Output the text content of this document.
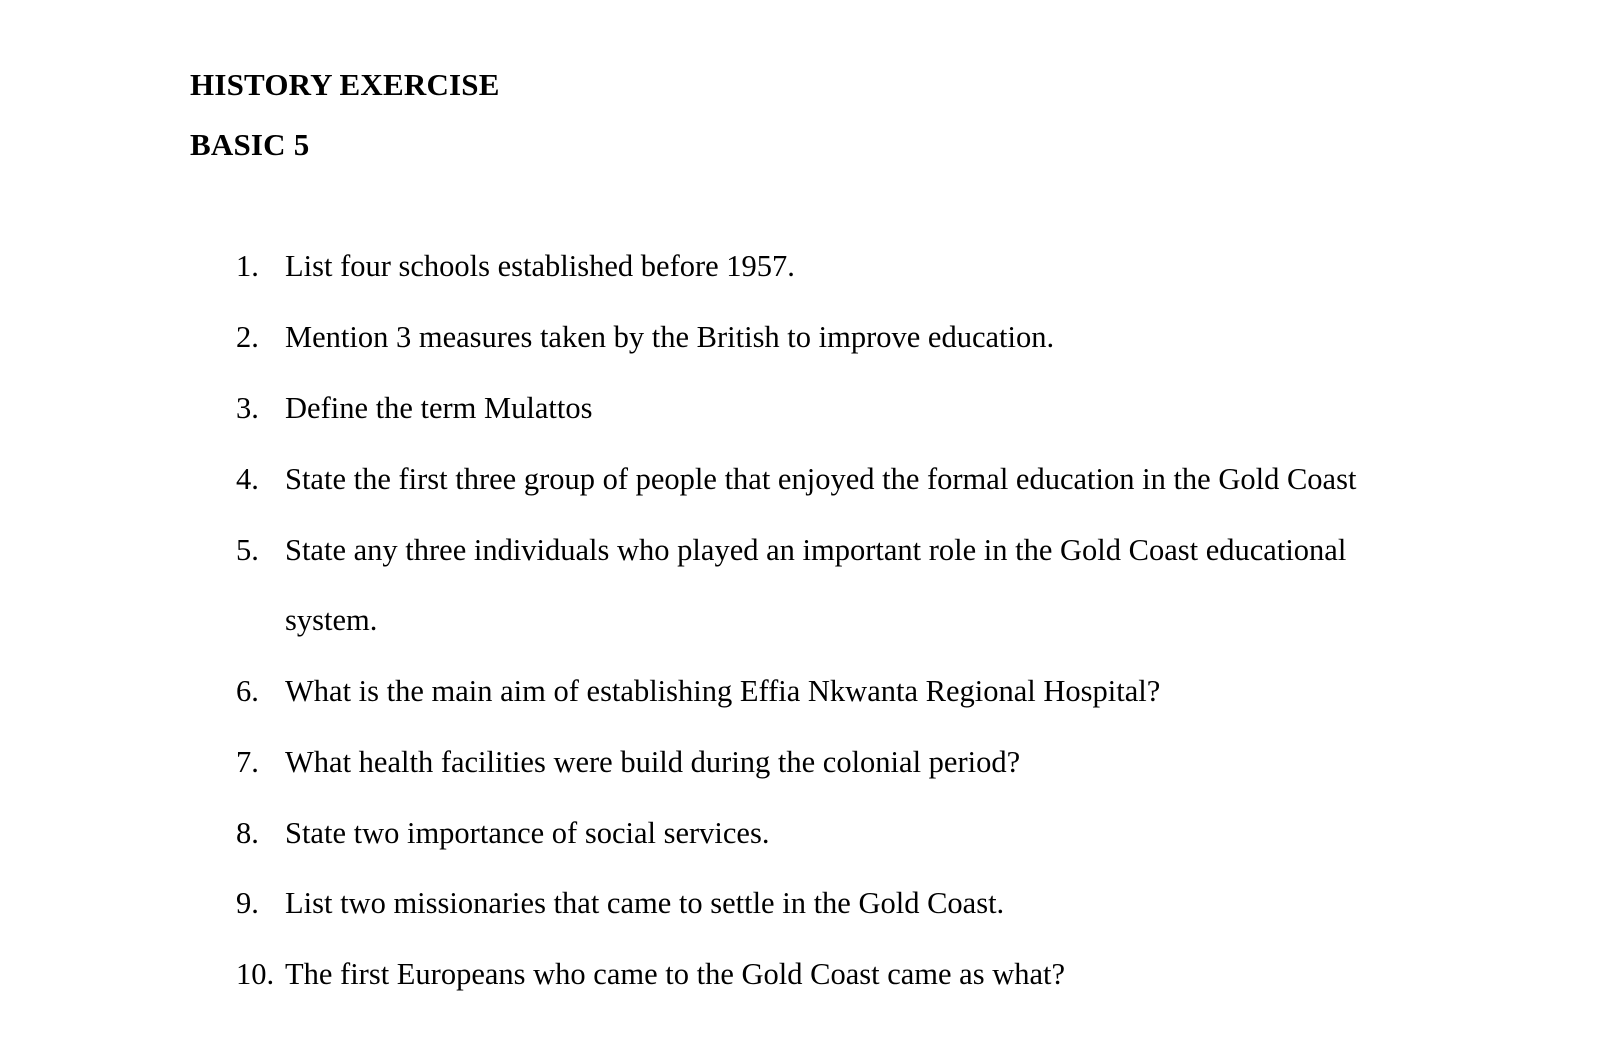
HISTORY EXERCISE
BASIC 5
1. List four schools established before 1957.
2. Mention 3 measures taken by the British to improve education.
3. Define the term Mulattos
4. State the first three group of people that enjoyed the formal education in the Gold Coast
5. State any three individuals who played an important role in the Gold Coast educational
system.
6. What is the main aim of establishing Effia Nkwanta Regional Hospital?
7. What health facilities were build during the colonial period?
8. State two importance of social services.
9. List two missionaries that came to settle in the Gold Coast.
10. The first Europeans who came to the Gold Coast came as what?
